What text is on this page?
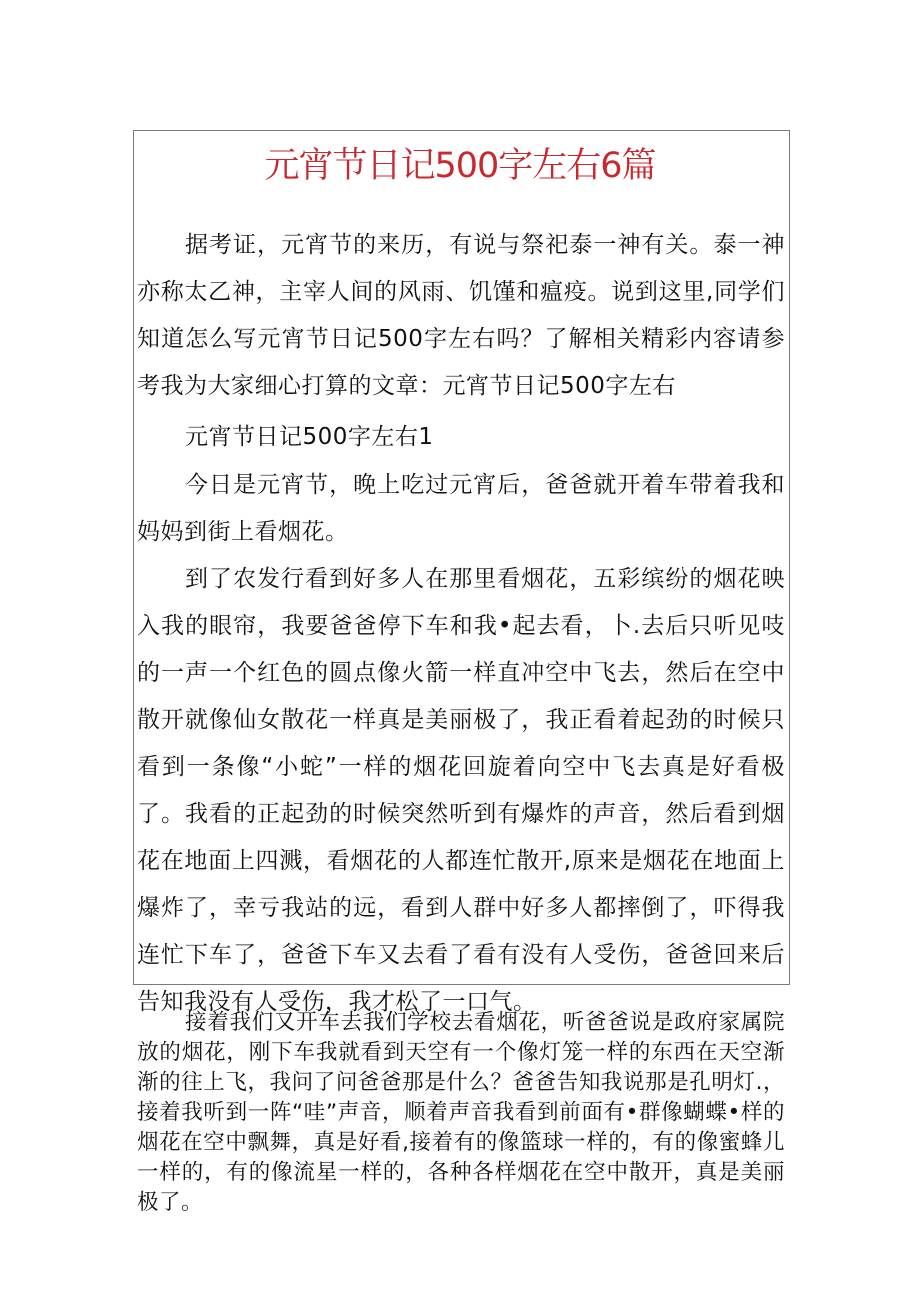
元宵节日记500字左右6篇

据考证，元宵节的来历，有说与祭祀泰一神有关。泰一神亦称太乙神，主宰人间的风雨、饥馑和瘟疫。说到这里,同学们知道怎么写元宵节日记500字左右吗？了解相关精彩内容请参考我为大家细心打算的文章：元宵节日记500字左右

元宵节日记500字左右1

今日是元宵节，晚上吃过元宵后，爸爸就开着车带着我和妈妈到街上看烟花。

到了农发行看到好多人在那里看烟花，五彩缤纷的烟花映入我的眼帘，我要爸爸停下车和我•起去看，卜.去后只听见吱的一声一个红色的圆点像火箭一样直冲空中飞去，然后在空中散开就像仙女散花一样真是美丽极了，我正看着起劲的时候只看到一条像“小蛇”一样的烟花回旋着向空中飞去真是好看极了。我看的正起劲的时候突然听到有爆炸的声音，然后看到烟花在地面上四溅，看烟花的人都连忙散开,原来是烟花在地面上爆炸了，幸亏我站的远，看到人群中好多人都摔倒了，吓得我连忙下车了，爸爸下车又去看了看有没有人受伤，爸爸回来后告知我没有人受伤，我才松了一口气。

接着我们又开车去我们学校去看烟花，听爸爸说是政府家属院放的烟花，刚下车我就看到天空有一个像灯笼一样的东西在天空渐渐的往上飞，我问了问爸爸那是什么？爸爸告知我说那是孔明灯.，接着我听到一阵“哇”声音，顺着声音我看到前面有•群像蝴蝶•样的烟花在空中飘舞，真是好看,接着有的像篮球一样的，有的像蜜蜂儿一样的，有的像流星一样的，各种各样烟花在空中散开，真是美丽极了。
